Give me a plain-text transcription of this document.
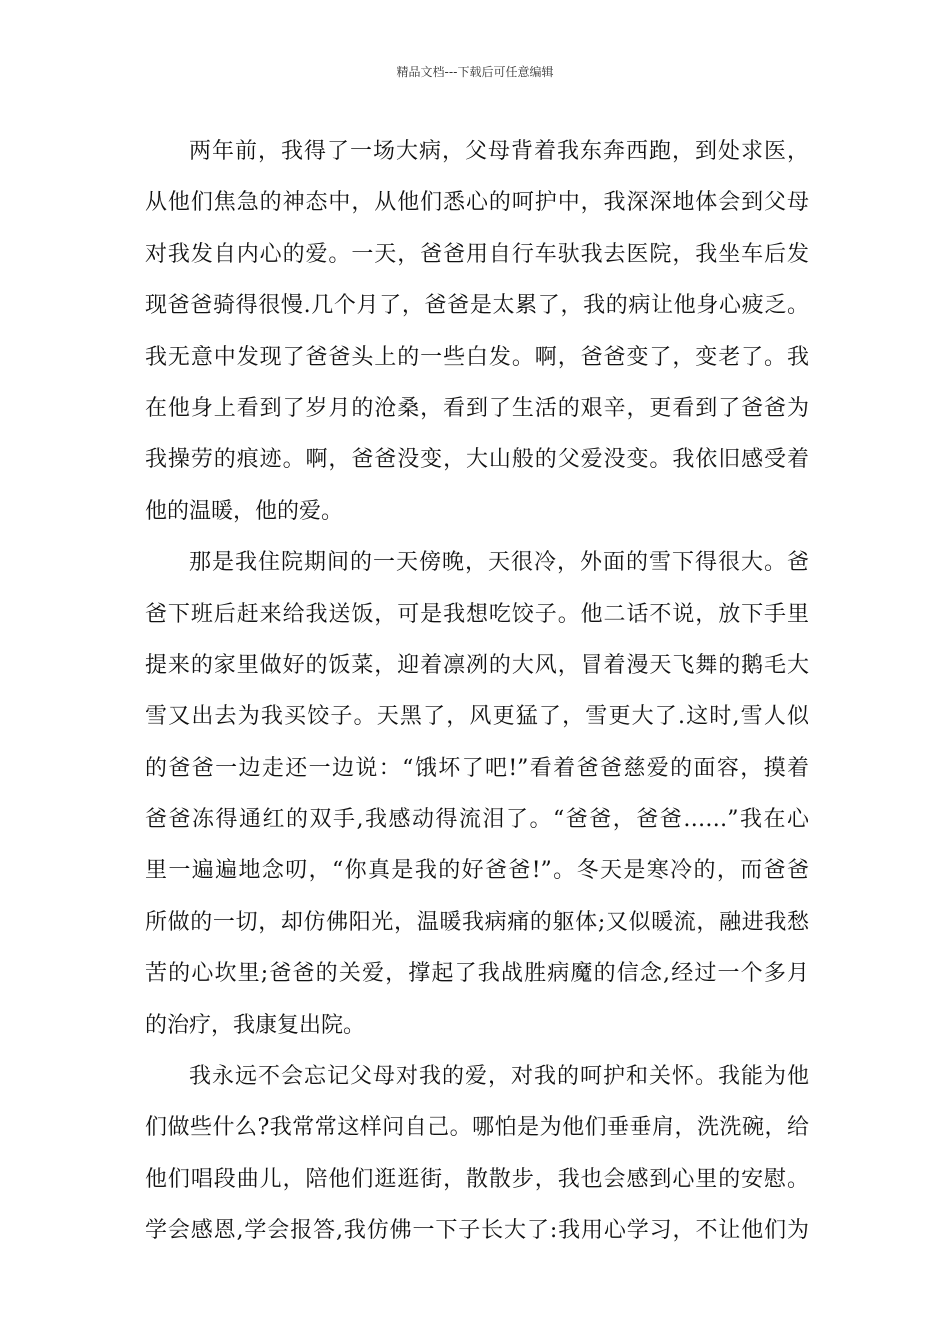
精品文档---下载后可任意编辑
两年前，我得了一场大病，父母背着我东奔西跑，到处求医，
从他们焦急的神态中，从他们悉心的呵护中，我深深地体会到父母
对我发自内心的爱。一天，爸爸用自行车驮我去医院，我坐车后发
现爸爸骑得很慢.几个月了，爸爸是太累了，我的病让他身心疲乏。
我无意中发现了爸爸头上的一些白发。啊，爸爸变了，变老了。我
在他身上看到了岁月的沧桑，看到了生活的艰辛，更看到了爸爸为
我操劳的痕迹。啊，爸爸没变，大山般的父爱没变。我依旧感受着
他的温暖，他的爱。
那是我住院期间的一天傍晚，天很冷，外面的雪下得很大。爸
爸下班后赶来给我送饭，可是我想吃饺子。他二话不说，放下手里
提来的家里做好的饭菜，迎着凛冽的大风，冒着漫天飞舞的鹅毛大
雪又出去为我买饺子。天黑了，风更猛了，雪更大了.这时,雪人似
的爸爸一边走还一边说：“饿坏了吧!”看着爸爸慈爱的面容，摸着
爸爸冻得通红的双手,我感动得流泪了。“爸爸，爸爸……”我在心
里一遍遍地念叨，“你真是我的好爸爸!”。冬天是寒冷的，而爸爸
所做的一切，却仿佛阳光，温暖我病痛的躯体;又似暖流，融进我愁
苦的心坎里;爸爸的关爱，撑起了我战胜病魔的信念,经过一个多月
的治疗，我康复出院。
我永远不会忘记父母对我的爱，对我的呵护和关怀。我能为他
们做些什么?我常常这样问自己。哪怕是为他们垂垂肩，洗洗碗，给
他们唱段曲儿，陪他们逛逛街，散散步，我也会感到心里的安慰。
学会感恩,学会报答,我仿佛一下子长大了:我用心学习，不让他们为
